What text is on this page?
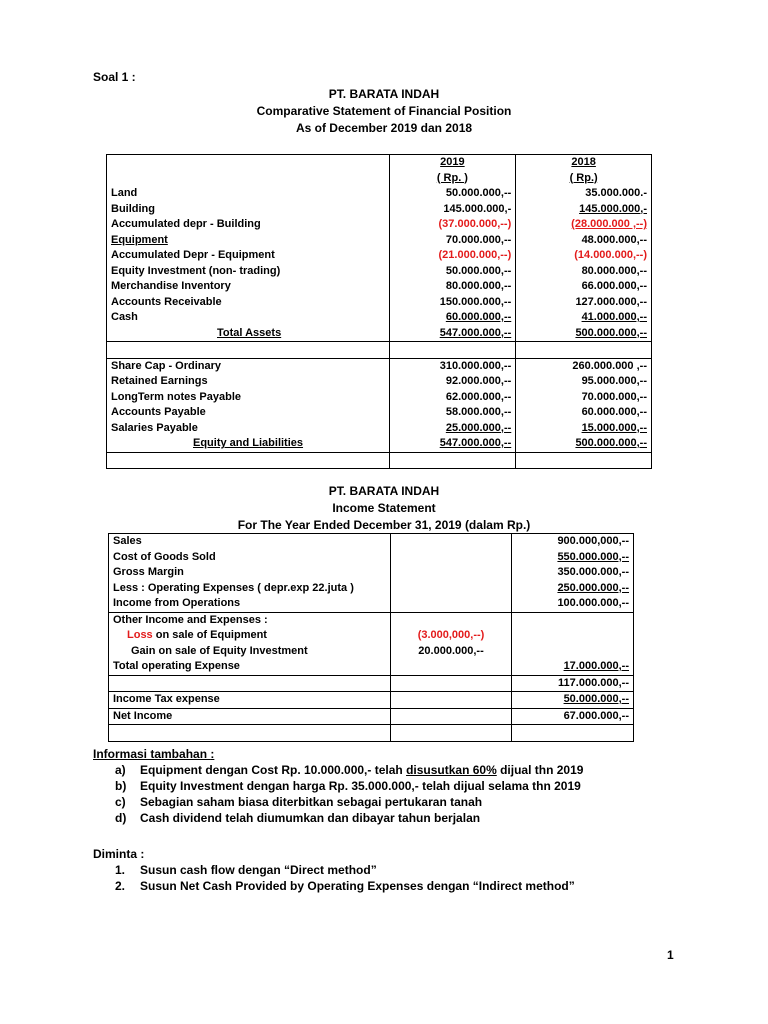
Soal 1 :
PT. BARATA INDAH
Comparative Statement of Financial Position
As of December 2019 dan 2018
	2019	2018
	( Rp. )	( Rp.)
Land	50.000.000,--	35.000.000.-
Building	145.000.000,-	145.000.000,-
Accumulated depr - Building	(37.000.000,--)	(28.000.000 ,--)
Equipment	70.000.000,--	48.000.000,--
Accumulated Depr - Equipment	(21.000.000,--)	(14.000.000,--)
Equity Investment (non- trading)	50.000.000,--	80.000.000,--
Merchandise Inventory	80.000.000,--	66.000.000,--
Accounts Receivable	150.000.000,--	127.000.000,--
Cash	60.000.000,--	41.000.000,--
Total Assets	547.000.000,--	500.000.000,--

Share Cap - Ordinary	310.000.000,--	260.000.000 ,--
Retained Earnings	92.000.000,--	95.000.000,--
LongTerm notes Payable	62.000.000,--	70.000.000,--
Accounts Payable	58.000.000,--	60.000.000,--
Salaries Payable	25.000.000,--	15.000.000,--
Equity and Liabilities	547.000.000,--	500.000.000,--

PT. BARATA INDAH
Income Statement
For The Year Ended December 31, 2019 (dalam Rp.)
Sales		900.000,000,--
Cost of Goods Sold		550.000.000,--
Gross Margin		350.000.000,--
Less : Operating Expenses ( depr.exp 22.juta )		250.000.000,--
Income from Operations		100.000.000,--
Other Income and Expenses :		
Loss on sale of Equipment	(3.000,000,--)	
Gain on sale of Equity Investment	20.000.000,--	
Total operating Expense		17.000.000,--
		117.000.000,--
Income Tax expense		50.000.000,--
Net Income		67.000.000,--

Informasi tambahan :
a) Equipment dengan Cost Rp. 10.000.000,- telah disusutkan 60% dijual thn 2019
b) Equity Investment dengan harga Rp. 35.000.000,- telah dijual selama thn 2019
c) Sebagian saham biasa diterbitkan sebagai pertukaran tanah
d) Cash dividend telah diumumkan dan dibayar tahun berjalan
Diminta :
1. Susun cash flow dengan “Direct method”
2. Susun Net Cash Provided by Operating Expenses dengan “Indirect method”
1
